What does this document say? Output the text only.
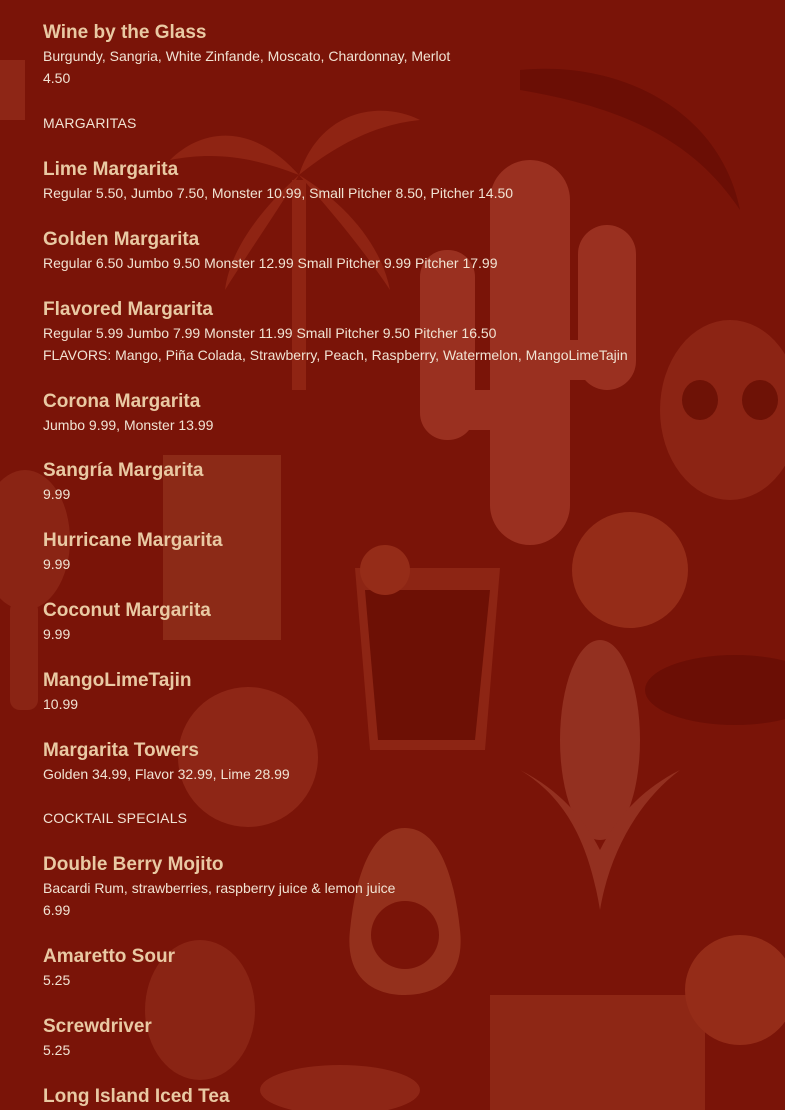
Wine by the Glass
Burgundy, Sangria, White Zinfande, Moscato, Chardonnay, Merlot
4.50
MARGARITAS
Lime Margarita
Regular 5.50, Jumbo 7.50, Monster 10.99, Small Pitcher 8.50, Pitcher 14.50
Golden Margarita
Regular 6.50 Jumbo 9.50 Monster 12.99 Small Pitcher 9.99 Pitcher 17.99
Flavored Margarita
Regular 5.99 Jumbo 7.99 Monster 11.99 Small Pitcher 9.50 Pitcher 16.50
FLAVORS: Mango, Piña Colada, Strawberry, Peach, Raspberry, Watermelon, MangoLimeTajin
Corona Margarita
Jumbo 9.99, Monster 13.99
Sangría Margarita
9.99
Hurricane Margarita
9.99
Coconut Margarita
9.99
MangoLimeTajin
10.99
Margarita Towers
Golden 34.99, Flavor 32.99, Lime 28.99
COCKTAIL SPECIALS
Double Berry Mojito
Bacardi Rum, strawberries, raspberry juice & lemon juice
6.99
Amaretto Sour
5.25
Screwdriver
5.25
Long Island Iced Tea
